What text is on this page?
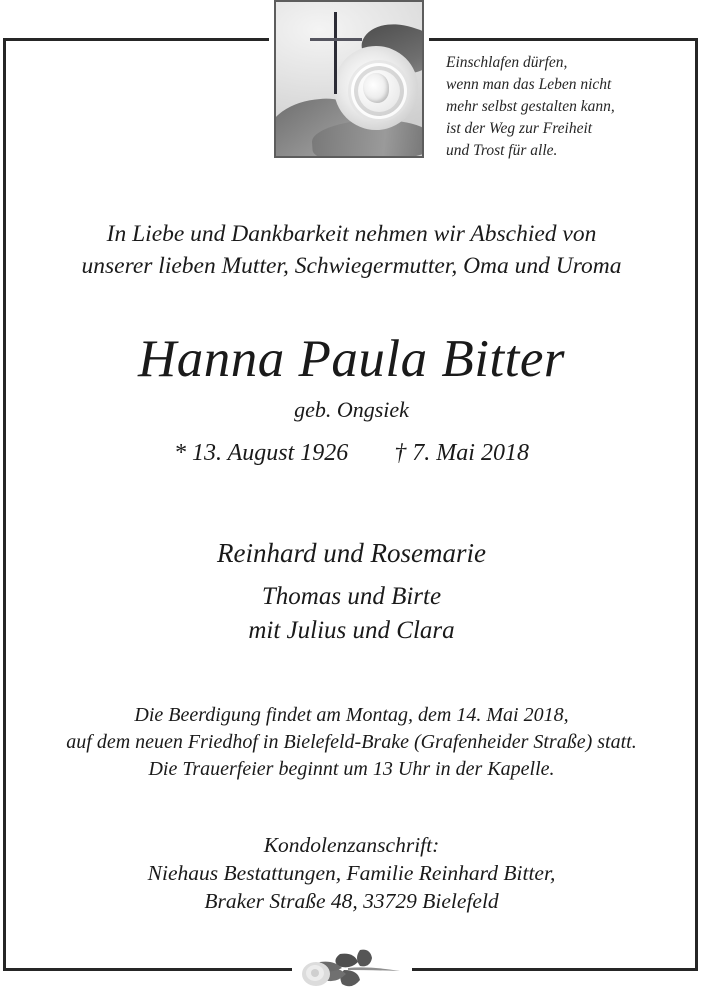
Einschlafen dürfen,
wenn man das Leben nicht
mehr selbst gestalten kann,
ist der Weg zur Freiheit
und Trost für alle.
In Liebe und Dankbarkeit nehmen wir Abschied von
unserer lieben Mutter, Schwiegermutter, Oma und Uroma
Hanna Paula Bitter
geb. Ongsiek
* 13. August 1926 † 7. Mai 2018
Reinhard und Rosemarie
Thomas und Birte
mit Julius und Clara
Die Beerdigung findet am Montag, dem 14. Mai 2018,
auf dem neuen Friedhof in Bielefeld-Brake (Grafenheider Straße) statt.
Die Trauerfeier beginnt um 13 Uhr in der Kapelle.
Kondolenzanschrift:
Niehaus Bestattungen, Familie Reinhard Bitter,
Braker Straße 48, 33729 Bielefeld
